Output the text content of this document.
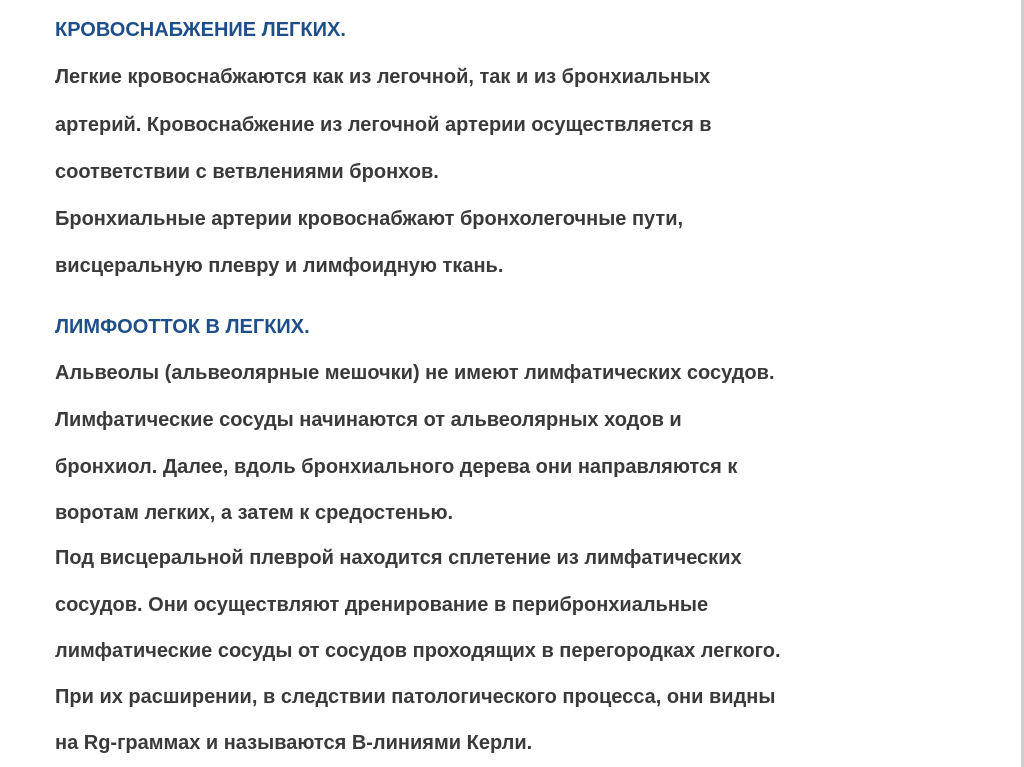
КРОВОСНАБЖЕНИЕ ЛЕГКИХ.

Легкие кровоснабжаются как из легочной, так и из бронхиальных

артерий. Кровоснабжение из легочной артерии осуществляется в

соответствии с ветвлениями бронхов.

Бронхиальные артерии кровоснабжают бронхолегочные пути,

висцеральную плевру и лимфоидную ткань.

ЛИМФООТТОК В ЛЕГКИХ.

Альвеолы (альвеолярные мешочки) не имеют лимфатических сосудов.

Лимфатические сосуды начинаются от альвеолярных ходов и

бронхиол. Далее, вдоль бронхиального дерева они направляются к

воротам легких, а затем к средостенью.

Под висцеральной плеврой находится сплетение из лимфатических

сосудов. Они осуществляют дренирование в перибронхиальные

лимфатические сосуды от сосудов проходящих в перегородках легкого.

При их расширении, в следствии патологического процесса, они видны

на Rg-граммах и называются B-линиями Керли.
